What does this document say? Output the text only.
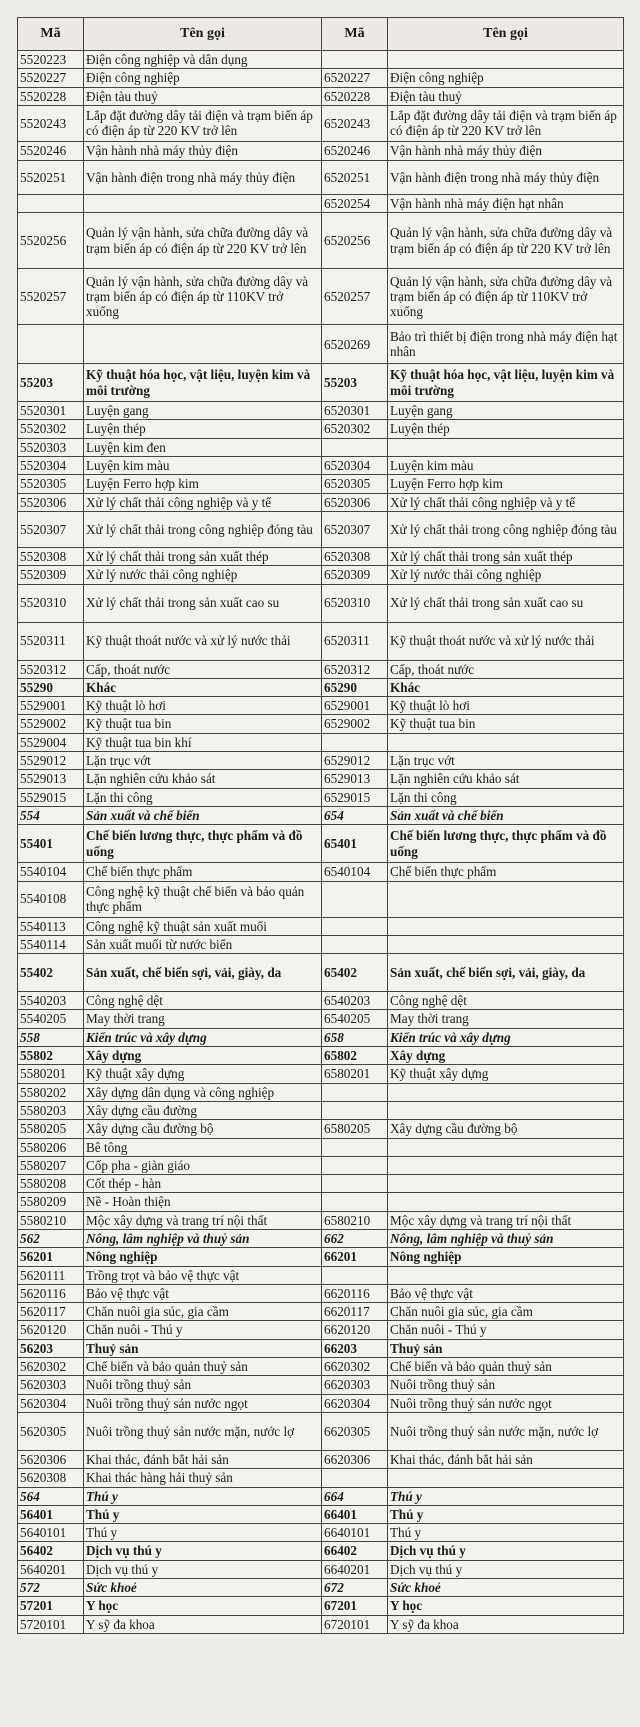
Mã	Tên gọi	Mã	Tên gọi
5520223	Điện công nghiệp và dân dụng		
5520227	Điện công nghiệp	6520227	Điện công nghiệp
5520228	Điện tàu thuỷ	6520228	Điện tàu thuỷ
5520243	Lắp đặt đường dây tải điện và trạm biến áp có điện áp từ 220 KV trở lên	6520243	Lắp đặt đường dây tải điện và trạm biến áp có điện áp từ 220 KV trở lên
5520246	Vận hành nhà máy thủy điện	6520246	Vận hành nhà máy thủy điện
5520251	Vận hành điện trong nhà máy thủy điện	6520251	Vận hành điện trong nhà máy thủy điện
		6520254	Vận hành nhà máy điện hạt nhân
5520256	Quản lý vận hành, sửa chữa đường dây và trạm biến áp có điện áp từ 220 KV trở lên	6520256	Quản lý vận hành, sửa chữa đường dây và trạm biến áp có điện áp từ 220 KV trở lên
5520257	Quản lý vận hành, sửa chữa đường dây và trạm biến áp có điện áp từ 110KV trở xuống	6520257	Quản lý vận hành, sửa chữa đường dây và trạm biến áp có điện áp từ 110KV trở xuống
		6520269	Bảo trì thiết bị điện trong nhà máy điện hạt nhân
55203	Kỹ thuật hóa học, vật liệu, luyện kim và môi trường	55203	Kỹ thuật hóa học, vật liệu, luyện kim và môi trường
5520301	Luyện gang	6520301	Luyện gang
5520302	Luyện thép	6520302	Luyện thép
5520303	Luyện kim đen		
5520304	Luyện kim màu	6520304	Luyện kim màu
5520305	Luyện Ferro hợp kim	6520305	Luyện Ferro hợp kim
5520306	Xử lý chất thải công nghiệp và y tế	6520306	Xử lý chất thải công nghiệp và y tế
5520307	Xử lý chất thải trong công nghiệp đóng tàu	6520307	Xử lý chất thải trong công nghiệp đóng tàu
5520308	Xử lý chất thải trong sản xuất thép	6520308	Xử lý chất thải trong sản xuất thép
5520309	Xử lý nước thải công nghiệp	6520309	Xử lý nước thải công nghiệp
5520310	Xử lý chất thải trong sản xuất cao su	6520310	Xử lý chất thải trong sản xuất cao su
5520311	Kỹ thuật thoát nước và xử lý nước thải	6520311	Kỹ thuật thoát nước và xử lý nước thải
5520312	Cấp, thoát nước	6520312	Cấp, thoát nước
55290	Khác	65290	Khác
5529001	Kỹ thuật lò hơi	6529001	Kỹ thuật lò hơi
5529002	Kỹ thuật tua bin	6529002	Kỹ thuật tua bin
5529004	Kỹ thuật tua bin khí		
5529012	Lặn trục vớt	6529012	Lặn trục vớt
5529013	Lặn nghiên cứu khảo sát	6529013	Lặn nghiên cứu khảo sát
5529015	Lặn thi công	6529015	Lặn thi công
554	Sản xuất và chế biến	654	Sản xuất và chế biến
55401	Chế biến lương thực, thực phẩm và đồ uống	65401	Chế biến lương thực, thực phẩm và đồ uống
5540104	Chế biến thực phẩm	6540104	Chế biến thực phẩm
5540108	Công nghệ kỹ thuật chế biến và bảo quản thực phẩm		
5540113	Công nghệ kỹ thuật sản xuất muối		
5540114	Sản xuất muối từ nước biển		
55402	Sản xuất, chế biến sợi, vải, giày, da	65402	Sản xuất, chế biến sợi, vải, giày, da
5540203	Công nghệ dệt	6540203	Công nghệ dệt
5540205	May thời trang	6540205	May thời trang
558	Kiến trúc và xây dựng	658	Kiến trúc và xây dựng
55802	Xây dựng	65802	Xây dựng
5580201	Kỹ thuật xây dựng	6580201	Kỹ thuật xây dựng
5580202	Xây dựng dân dụng và công nghiệp		
5580203	Xây dựng cầu đường		
5580205	Xây dựng cầu đường bộ	6580205	Xây dựng cầu đường bộ
5580206	Bê tông		
5580207	Cốp pha - giàn giáo		
5580208	Cốt thép - hàn		
5580209	Nề - Hoàn thiện		
5580210	Mộc xây dựng và trang trí nội thất	6580210	Mộc xây dựng và trang trí nội thất
562	Nông, lâm nghiệp và thuỷ sản	662	Nông, lâm nghiệp và thuỷ sản
56201	Nông nghiệp	66201	Nông nghiệp
5620111	Trồng trọt và bảo vệ thực vật		
5620116	Bảo vệ thực vật	6620116	Bảo vệ thực vật
5620117	Chăn nuôi gia súc, gia cầm	6620117	Chăn nuôi gia súc, gia cầm
5620120	Chăn nuôi - Thú y	6620120	Chăn nuôi - Thú y
56203	Thuỷ sản	66203	Thuỷ sản
5620302	Chế biến và bảo quản thuỷ sản	6620302	Chế biến và bảo quản thuỷ sản
5620303	Nuôi trồng thuỷ sản	6620303	Nuôi trồng thuỷ sản
5620304	Nuôi trồng thuỷ sản nước ngọt	6620304	Nuôi trồng thuỷ sản nước ngọt
5620305	Nuôi trồng thuỷ sản nước mặn, nước lợ	6620305	Nuôi trồng thuỷ sản nước mặn, nước lợ
5620306	Khai thác, đánh bắt hải sản	6620306	Khai thác, đánh bắt hải sản
5620308	Khai thác hàng hải thuỷ sản		
564	Thú y	664	Thú y
56401	Thú y	66401	Thú y
5640101	Thú y	6640101	Thú y
56402	Dịch vụ thú y	66402	Dịch vụ thú y
5640201	Dịch vụ thú y	6640201	Dịch vụ thú y
572	Sức khoẻ	672	Sức khoẻ
57201	Y học	67201	Y học
5720101	Y sỹ đa khoa	6720101	Y sỹ đa khoa
